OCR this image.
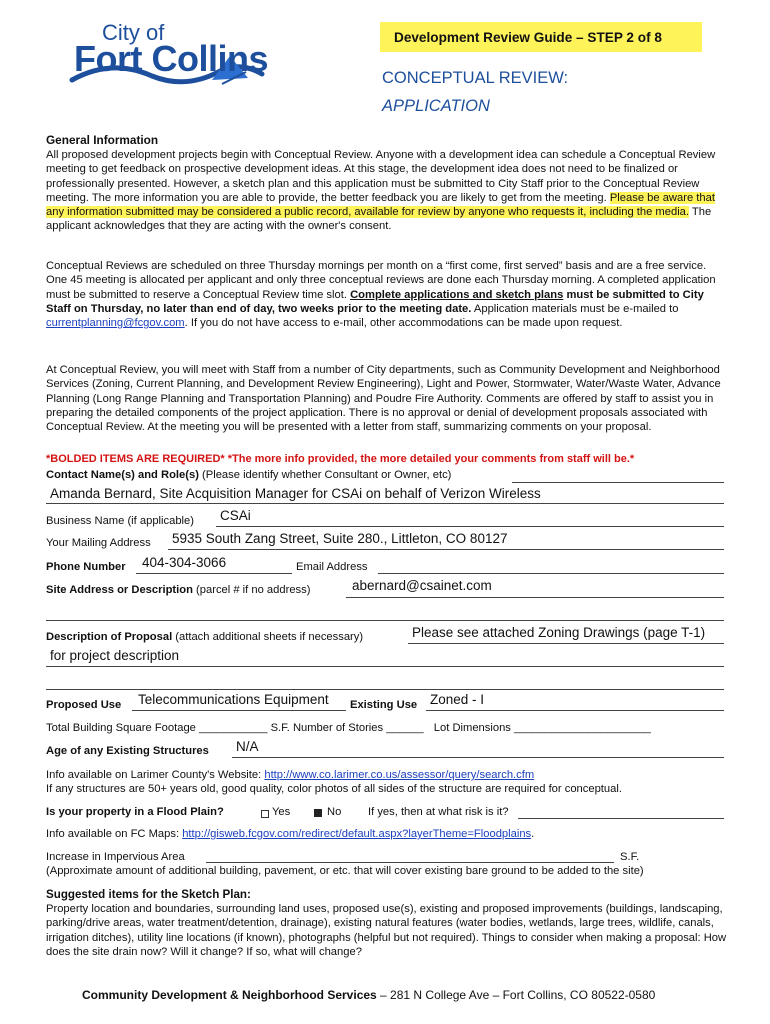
City of
Fort Collins
Development Review Guide – STEP 2 of 8
CONCEPTUAL REVIEW:
APPLICATION
General Information

All proposed development projects begin with Conceptual Review. Anyone with a development idea can schedule a Conceptual Review meeting to get feedback on prospective development ideas. At this stage, the development idea does not need to be finalized or professionally presented. However, a sketch plan and this application must be submitted to City Staff prior to the Conceptual Review meeting. The more information you are able to provide, the better feedback you are likely to get from the meeting. Please be aware that any information submitted may be considered a public record, available for review by anyone who requests it, including the media. The applicant acknowledges that they are acting with the owner's consent.

Conceptual Reviews are scheduled on three Thursday mornings per month on a “first come, first served” basis and are a free service. One 45 meeting is allocated per applicant and only three conceptual reviews are done each Thursday morning. A completed application must be submitted to reserve a Conceptual Review time slot. Complete applications and sketch plans must be submitted to City Staff on Thursday, no later than end of day, two weeks prior to the meeting date. Application materials must be e-mailed to currentplanning@fcgov.com. If you do not have access to e-mail, other accommodations can be made upon request.

At Conceptual Review, you will meet with Staff from a number of City departments, such as Community Development and Neighborhood Services (Zoning, Current Planning, and Development Review Engineering), Light and Power, Stormwater, Water/Waste Water, Advance Planning (Long Range Planning and Transportation Planning) and Poudre Fire Authority. Comments are offered by staff to assist you in preparing the detailed components of the project application. There is no approval or denial of development proposals associated with Conceptual Review. At the meeting you will be presented with a letter from staff, summarizing comments on your proposal.

*BOLDED ITEMS ARE REQUIRED* *The more info provided, the more detailed your comments from staff will be.*
Contact Name(s) and Role(s) (Please identify whether Consultant or Owner, etc)
Amanda Bernard, Site Acquisition Manager for CSAi on behalf of Verizon Wireless
Business Name (if applicable) CSAi
Your Mailing Address 5935 South Zang Street, Suite 280., Littleton, CO 80127
Phone Number 404-304-3066	Email Address
Site Address or Description (parcel # if no address)	abernard@csainet.com
Description of Proposal (attach additional sheets if necessary)	Please see attached Zoning Drawings (page T-1)
for project description
Proposed Use Telecommunications Equipment Existing Use Zoned - I
Total Building Square Footage ___________ S.F. Number of Stories ______ Lot Dimensions ______________________
Age of any Existing Structures N/A
Info available on Larimer County's Website: http://www.co.larimer.co.us/assessor/query/search.cfm
If any structures are 50+ years old, good quality, color photos of all sides of the structure are required for conceptual.
Is your property in a Flood Plain?	Yes	No If yes, then at what risk is it?
Info available on FC Maps: http://gisweb.fcgov.com/redirect/default.aspx?layerTheme=Floodplains.
Increase in Impervious Area	S.F.
(Approximate amount of additional building, pavement, or etc. that will cover existing bare ground to be added to the site)
Suggested items for the Sketch Plan:

Property location and boundaries, surrounding land uses, proposed use(s), existing and proposed improvements (buildings, landscaping, parking/drive areas, water treatment/detention, drainage), existing natural features (water bodies, wetlands, large trees, wildlife, canals, irrigation ditches), utility line locations (if known), photographs (helpful but not required). Things to consider when making a proposal: How does the site drain now? Will it change? If so, what will change?

Community Development & Neighborhood Services – 281 N College Ave – Fort Collins, CO 80522-0580
